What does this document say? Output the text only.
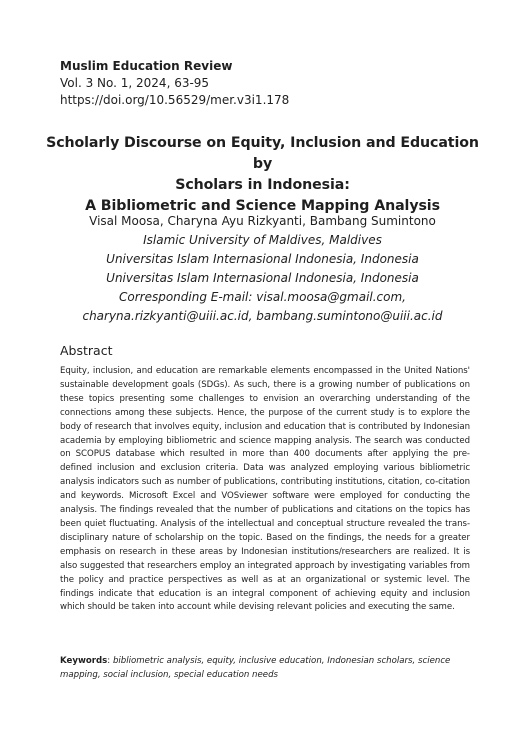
Muslim Education Review
Vol. 3 No. 1, 2024, 63-95
https://doi.org/10.56529/mer.v3i1.178
Scholarly Discourse on Equity, Inclusion and Education by
Scholars in Indonesia:
A Bibliometric and Science Mapping Analysis
Visal Moosa, Charyna Ayu Rizkyanti, Bambang Sumintono
Islamic University of Maldives, Maldives
Universitas Islam Internasional Indonesia, Indonesia
Universitas Islam Internasional Indonesia, Indonesia
Corresponding E-mail: visal.moosa@gmail.com,
charyna.rizkyanti@uiii.ac.id, bambang.sumintono@uiii.ac.id
Abstract
Equity, inclusion, and education are remarkable elements encompassed in the United Nations' sustainable development goals (SDGs). As such, there is a growing number of publications on these topics presenting some challenges to envision an overarching understanding of the connections among these subjects. Hence, the purpose of the current study is to explore the body of research that involves equity, inclusion and education that is contributed by Indonesian academia by employing bibliometric and science mapping analysis. The search was conducted on SCOPUS database which resulted in more than 400 documents after applying the pre-defined inclusion and exclusion criteria. Data was analyzed employing various bibliometric analysis indicators such as number of publications, contributing institutions, citation, co-citation and keywords. Microsoft Excel and VOSviewer software were employed for conducting the analysis. The findings revealed that the number of publications and citations on the topics has been quiet fluctuating. Analysis of the intellectual and conceptual structure revealed the trans-disciplinary nature of scholarship on the topic. Based on the findings, the needs for a greater emphasis on research in these areas by Indonesian institutions/researchers are realized. It is also suggested that researchers employ an integrated approach by investigating variables from the policy and practice perspectives as well as at an organizational or systemic level. The findings indicate that education is an integral component of achieving equity and inclusion which should be taken into account while devising relevant policies and executing the same.
Keywords: bibliometric analysis, equity, inclusive education, Indonesian scholars, science mapping, social inclusion, special education needs
